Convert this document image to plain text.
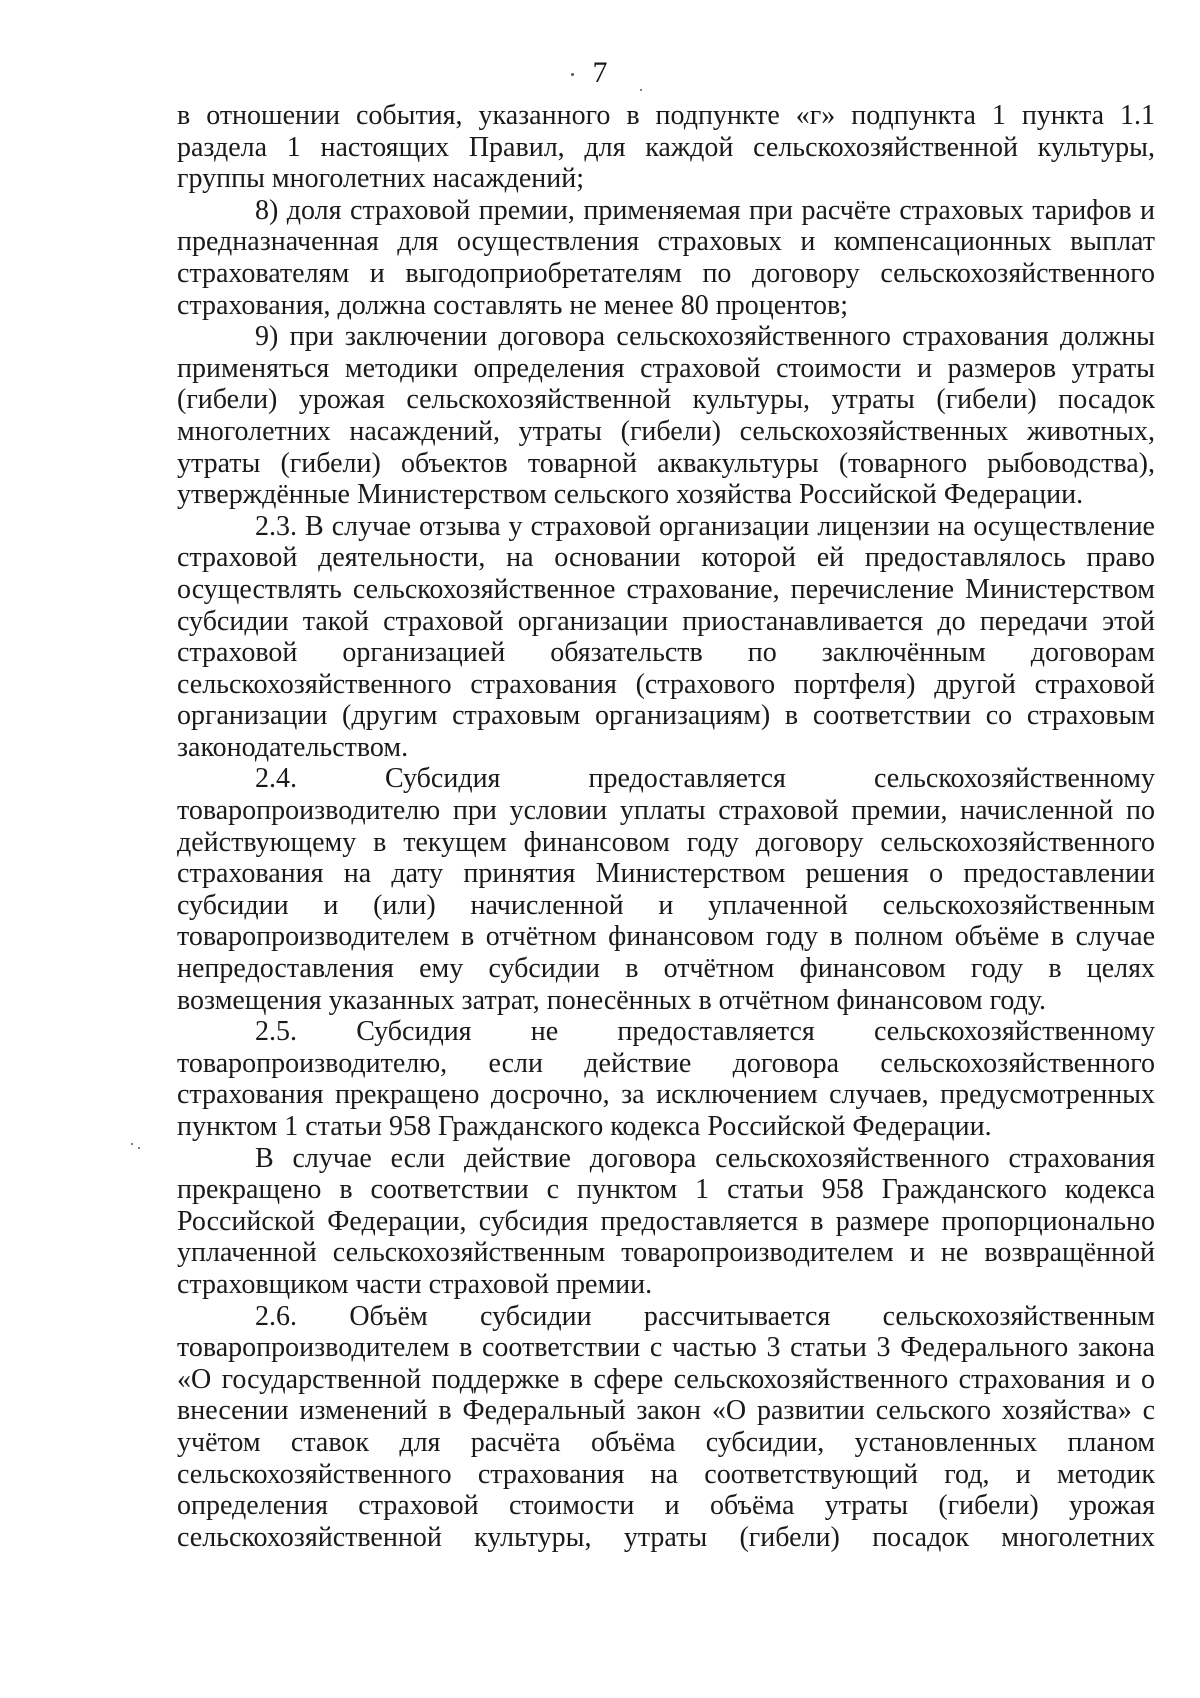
7

в отношении события, указанного в подпункте «г» подпункта 1 пункта 1.1 раздела 1 настоящих Правил, для каждой сельскохозяйственной культуры, группы многолетних насаждений;

8) доля страховой премии, применяемая при расчёте страховых тарифов и предназначенная для осуществления страховых и компенсационных выплат страхователям и выгодоприобретателям по договору сельскохозяйственного страхования, должна составлять не менее 80 процентов;

9) при заключении договора сельскохозяйственного страхования должны применяться методики определения страховой стоимости и размеров утраты (гибели) урожая сельскохозяйственной культуры, утраты (гибели) посадок многолетних насаждений, утраты (гибели) сельскохозяйственных животных, утраты (гибели) объектов товарной аквакультуры (товарного рыбоводства), утверждённые Министерством сельского хозяйства Российской Федерации.

2.3. В случае отзыва у страховой организации лицензии на осуществление страховой деятельности, на основании которой ей предоставлялось право осуществлять сельскохозяйственное страхование, перечисление Министерством субсидии такой страховой организации приостанавливается до передачи этой страховой организацией обязательств по заключённым договорам сельскохозяйственного страхования (страхового портфеля) другой страховой организации (другим страховым организациям) в соответствии со страховым законодательством.

2.4. Субсидия предоставляется сельскохозяйственному товаропроизводителю при условии уплаты страховой премии, начисленной по действующему в текущем финансовом году договору сельскохозяйственного страхования на дату принятия Министерством решения о предоставлении субсидии и (или) начисленной и уплаченной сельскохозяйственным товаропроизводителем в отчётном финансовом году в полном объёме в случае непредоставления ему субсидии в отчётном финансовом году в целях возмещения указанных затрат, понесённых в отчётном финансовом году.

2.5. Субсидия не предоставляется сельскохозяйственному товаропроизводителю, если действие договора сельскохозяйственного страхования прекращено досрочно, за исключением случаев, предусмотренных пунктом 1 статьи 958 Гражданского кодекса Российской Федерации.

В случае если действие договора сельскохозяйственного страхования прекращено в соответствии с пунктом 1 статьи 958 Гражданского кодекса Российской Федерации, субсидия предоставляется в размере пропорционально уплаченной сельскохозяйственным товаропроизводителем и не возвращённой страховщиком части страховой премии.

2.6. Объём субсидии рассчитывается сельскохозяйственным товаропроизводителем в соответствии с частью 3 статьи 3 Федерального закона «О государственной поддержке в сфере сельскохозяйственного страхования и о внесении изменений в Федеральный закон «О развитии сельского хозяйства» с учётом ставок для расчёта объёма субсидии, установленных планом сельскохозяйственного страхования на соответствующий год, и методик определения страховой стоимости и объёма утраты (гибели) урожая сельскохозяйственной культуры, утраты (гибели) посадок многолетних
